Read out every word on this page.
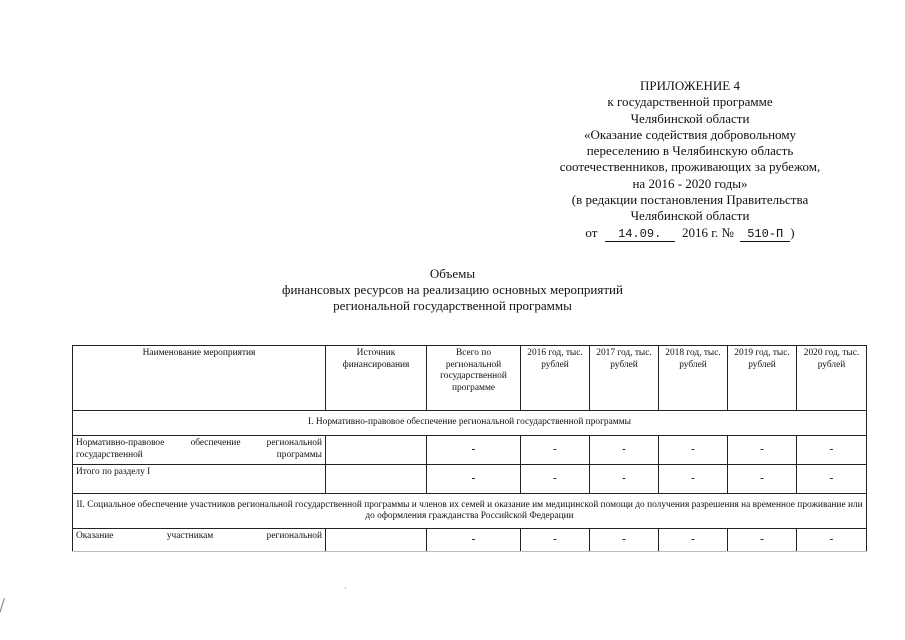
ПРИЛОЖЕНИЕ 4
к государственной программе
Челябинской области
«Оказание содействия добровольному
переселению в Челябинскую область
соотечественников, проживающих за рубежом,
на 2016 - 2020 годы»
(в редакции постановления Правительства
Челябинской области
от 14.09. 2016 г. № 510-П )
Объемы
финансовых ресурсов на реализацию основных мероприятий
региональной государственной программы
Наименование мероприятия	Источник финансирования	Всего по региональной государственной программе	2016 год, тыс. рублей	2017 год, тыс. рублей	2018 год, тыс. рублей	2019 год, тыс. рублей	2020 год, тыс. рублей
I. Нормативно-правовое обеспечение региональной государственной программы							
Нормативно-правовое обеспечение региональной государственной программы		-	-	-	-	-	-
Итого по разделу I		-	-	-	-	-	-
II. Социальное обеспечение участников региональной государственной программы и членов их семей и оказание им медицинской помощи до получения разрешения на временное проживание или до оформления гражданства Российской Федерации							
Оказание участникам региональной		-	-	-	-	-	-
'
